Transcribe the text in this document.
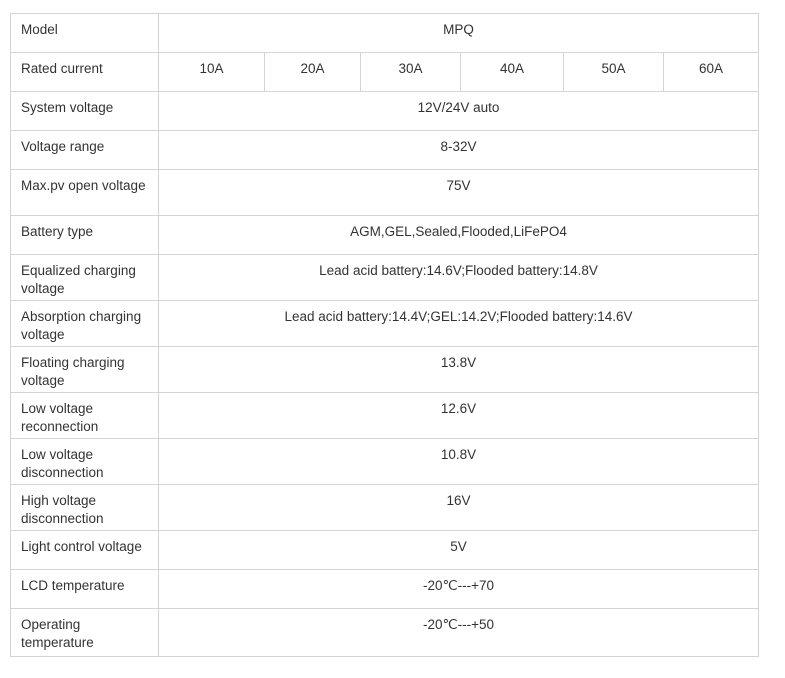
Model	MPQ					
Rated current	10A	20A	30A	40A	50A	60A
System voltage	12V/24V auto					
Voltage range	8-32V					
Max.pv open voltage	75V					
Battery type	AGM,GEL,Sealed,Flooded,LiFePO4					
Equalized charging voltage	Lead acid battery:14.6V;Flooded battery:14.8V					
Absorption charging voltage	Lead acid battery:14.4V;GEL:14.2V;Flooded battery:14.6V					
Floating charging voltage	13.8V					
Low voltage reconnection	12.6V					
Low voltage disconnection	10.8V					
High voltage disconnection	16V					
Light control voltage	5V					
LCD temperature	-20℃---+70					
Operating temperature	-20℃---+50					
